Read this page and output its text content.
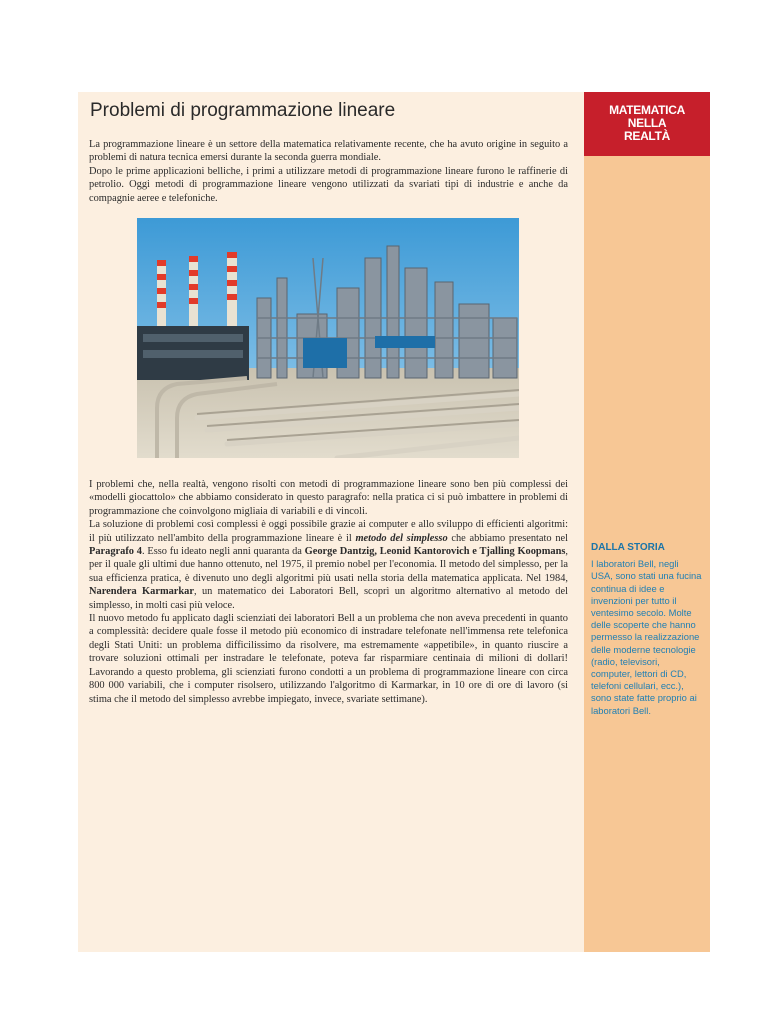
MATEMATICA
NELLA
REALTÀ
Problemi di programmazione lineare

La programmazione lineare è un settore della matematica relativamente recente, che ha avuto origine in seguito a problemi di natura tecnica emersi durante la seconda guerra mondiale.

Dopo le prime applicazioni belliche, i primi a utilizzare metodi di programmazione lineare furono le raffinerie di petrolio. Oggi metodi di programmazione lineare vengono utilizzati da svariati tipi di industrie e anche da compagnie aeree e telefoniche.

I problemi che, nella realtà, vengono risolti con metodi di programmazione lineare sono ben più complessi dei «modelli giocattolo» che abbiamo considerato in questo paragrafo: nella pratica ci si può imbattere in problemi di programmazione che coinvolgono migliaia di variabili e di vincoli.

La soluzione di problemi così complessi è oggi possibile grazie ai computer e allo sviluppo di efficienti algoritmi: il più utilizzato nell'ambito della programmazione lineare è il metodo del simplesso che abbiamo presentato nel Paragrafo 4. Esso fu ideato negli anni quaranta da George Dantzig, Leonid Kantorovich e Tjalling Koopmans, per il quale gli ultimi due hanno ottenuto, nel 1975, il premio nobel per l'economia. Il metodo del simplesso, per la sua efficienza pratica, è divenuto uno degli algoritmi più usati nella storia della matematica applicata. Nel 1984, Narendera Karmarkar, un matematico dei Laboratori Bell, scoprì un algoritmo alternativo al metodo del simplesso, in molti casi più veloce.

Il nuovo metodo fu applicato dagli scienziati dei laboratori Bell a un problema che non aveva precedenti in quanto a complessità: decidere quale fosse il metodo più economico di instradare telefonate nell'immensa rete telefonica degli Stati Uniti: un problema difficilissimo da risolvere, ma estremamente «appetibile», in quanto riuscire a trovare soluzioni ottimali per instradare le telefonate, poteva far risparmiare centinaia di milioni di dollari! Lavorando a questo problema, gli scienziati furono condotti a un problema di programmazione lineare con circa 800 000 variabili, che i computer risolsero, utilizzando l'algoritmo di Karmarkar, in 10 ore di ore di lavoro (si stima che il metodo del simplesso avrebbe impiegato, invece, svariate settimane).

DALLA STORIA
I laboratori Bell, negli USA, sono stati una fucina continua di idee e invenzioni per tutto il ventesimo secolo. Molte delle scoperte che hanno permesso la realizzazione delle moderne tecnologie (radio, televisori, computer, lettori di CD, telefoni cellulari, ecc.), sono state fatte proprio ai laboratori Bell.
